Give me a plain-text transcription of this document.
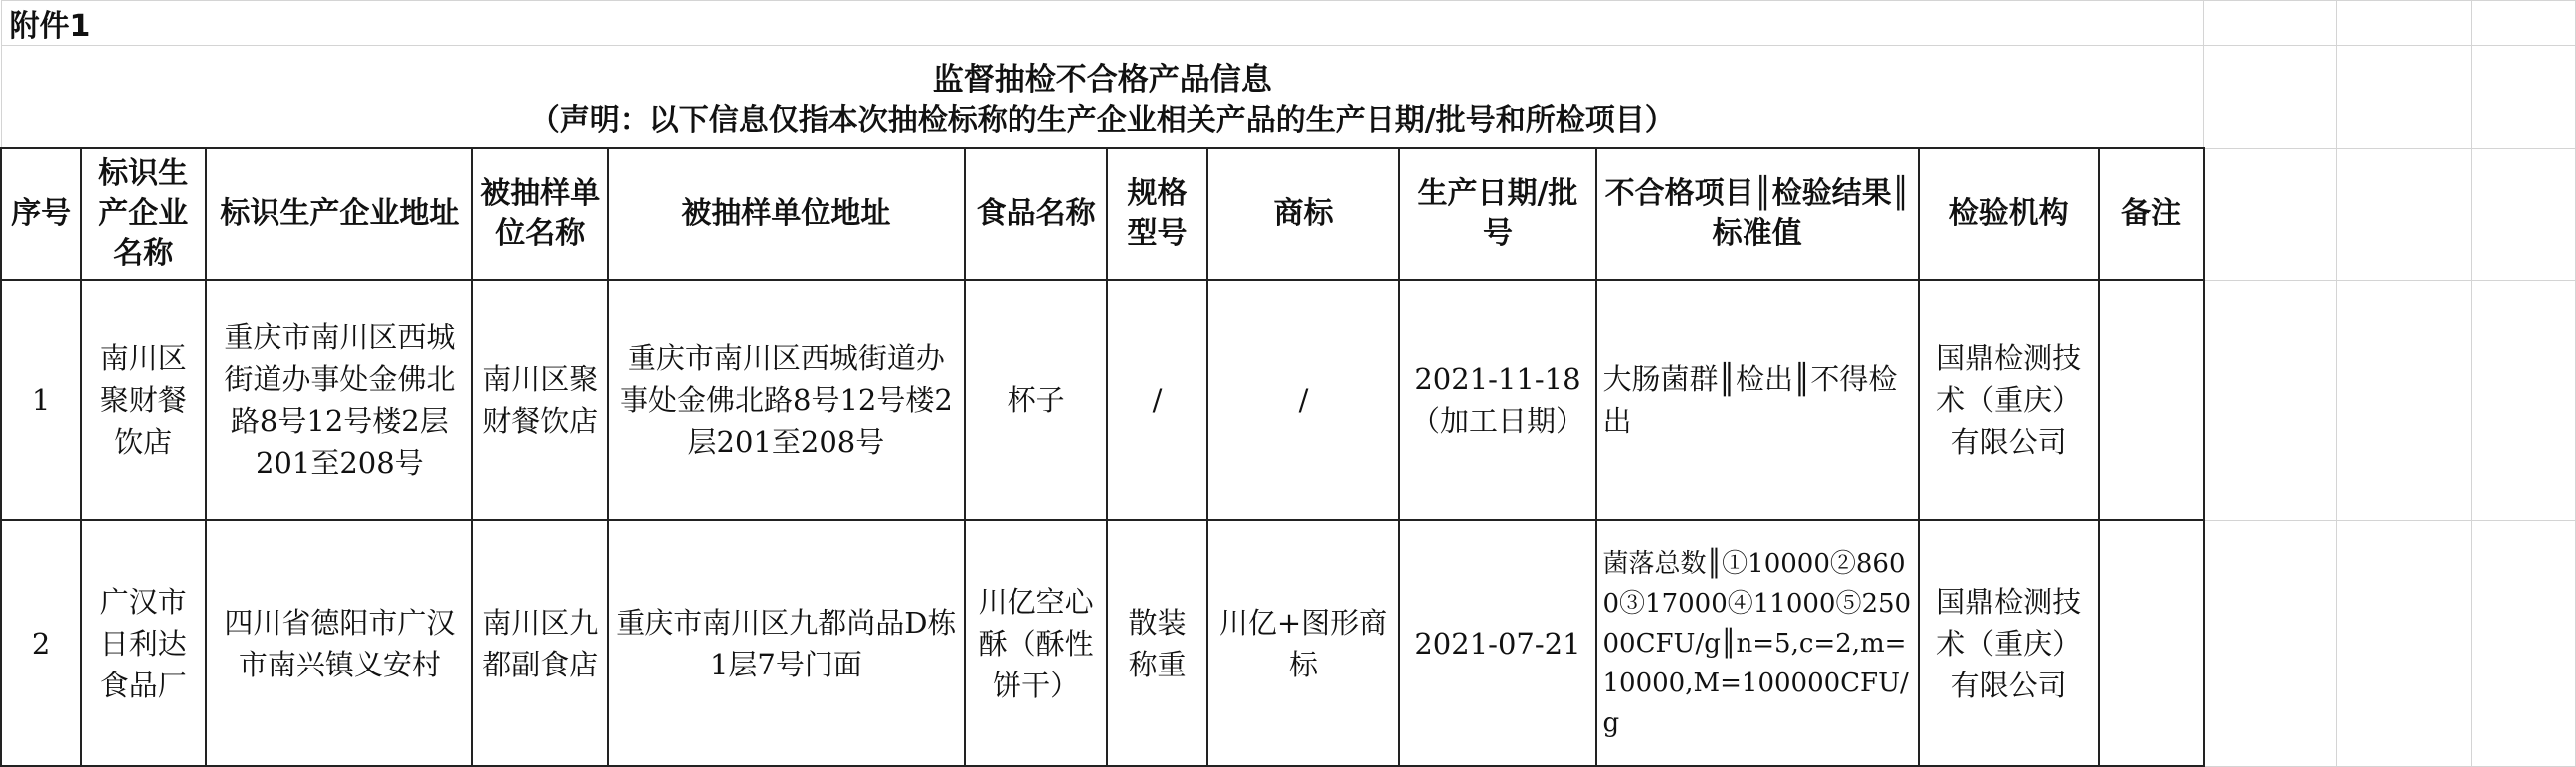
附件1														

监督抽检不合格产品信息
（声明：以下信息仅指本次抽检标称的生产企业相关产品的生产日期/批号和所检项目）														

序号	标识生产企业名称	标识生产企业地址	被抽样单位名称	被抽样单位地址	食品名称	规格型号	商标	生产日期/批号	不合格项目║检验结果║标准值	检验机构	备注			
1	南川区聚财餐饮店	重庆市南川区西城街道办事处金佛北路8号12号楼2层201至208号	南川区聚财餐饮店	重庆市南川区西城街道办事处金佛北路8号12号楼2层201至208号	杯子	/	/	2021-11-18（加工日期）	大肠菌群║检出║不得检出	国鼎检测技术（重庆）有限公司				
2	广汉市日利达食品厂	四川省德阳市广汉市南兴镇义安村	南川区九都副食店	重庆市南川区九都尚品D栋1层7号门面	川亿空心酥（酥性饼干）	散装称重	川亿+图形商标	2021-07-21	菌落总数║①10000②8600③17000④11000⑤25000CFU/g║n=5,c=2,m=10000,M=100000CFU/g	国鼎检测技术（重庆）有限公司				
